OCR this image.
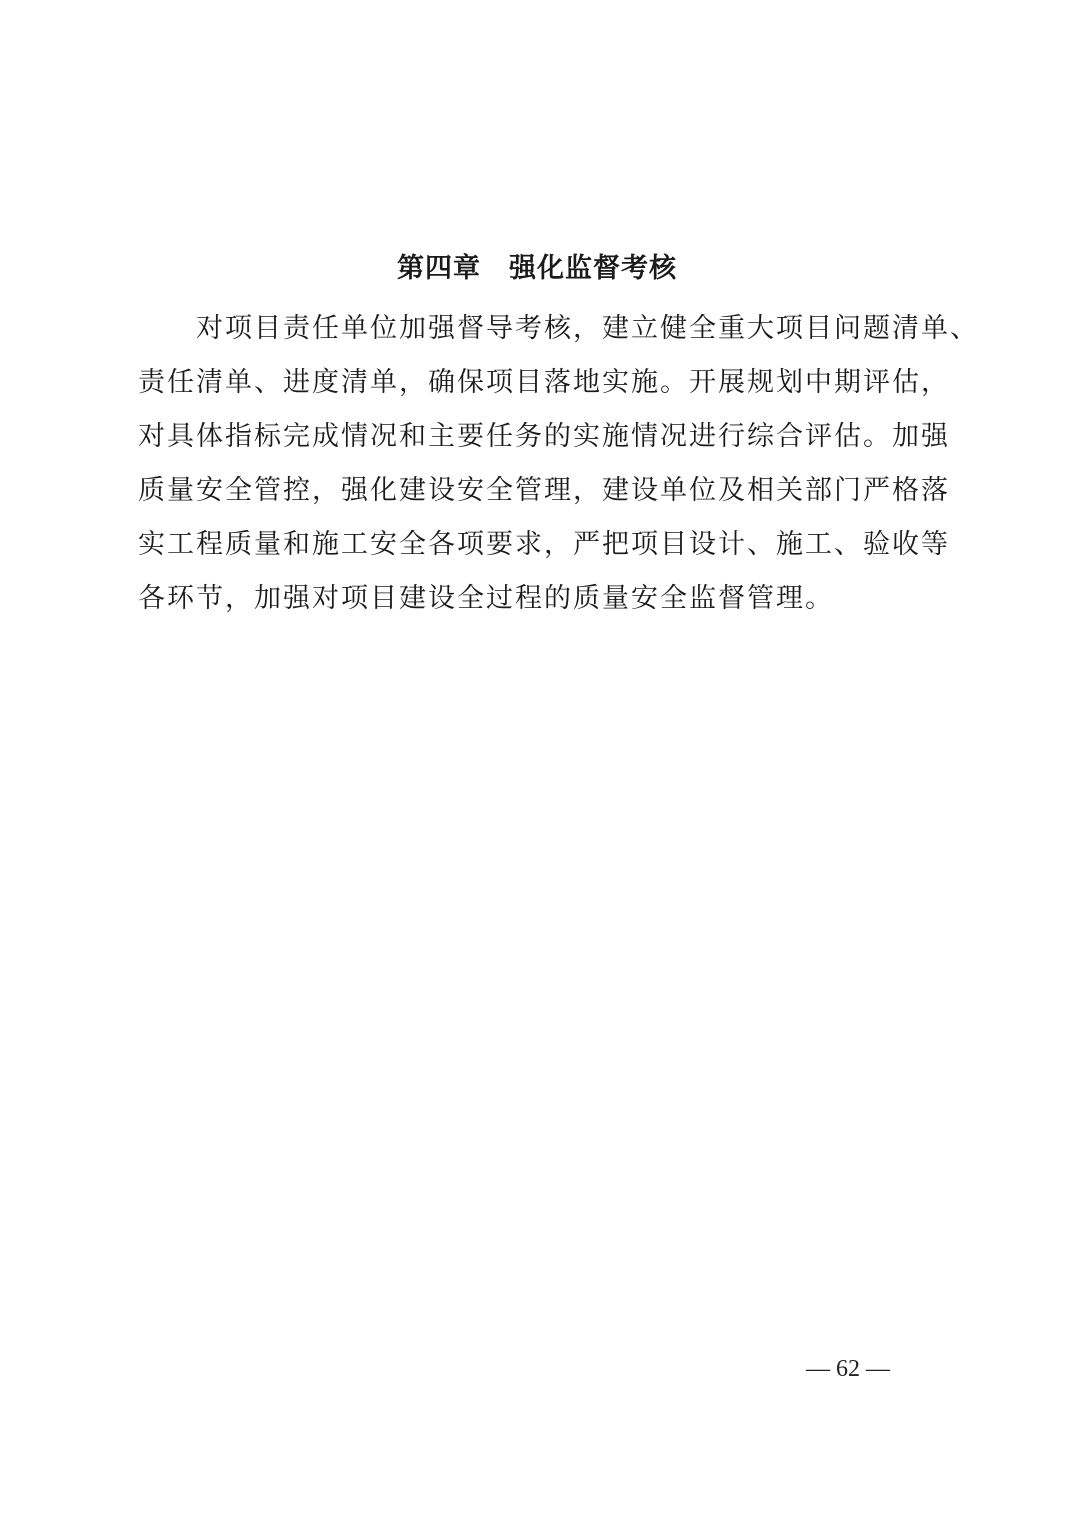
第四章　强化监督考核
对项目责任单位加强督导考核，建立健全重大项目问题清单、
责任清单、进度清单，确保项目落地实施。开展规划中期评估，
对具体指标完成情况和主要任务的实施情况进行综合评估。加强
质量安全管控，强化建设安全管理，建设单位及相关部门严格落
实工程质量和施工安全各项要求，严把项目设计、施工、验收等
各环节，加强对项目建设全过程的质量安全监督管理。
— 62 —
